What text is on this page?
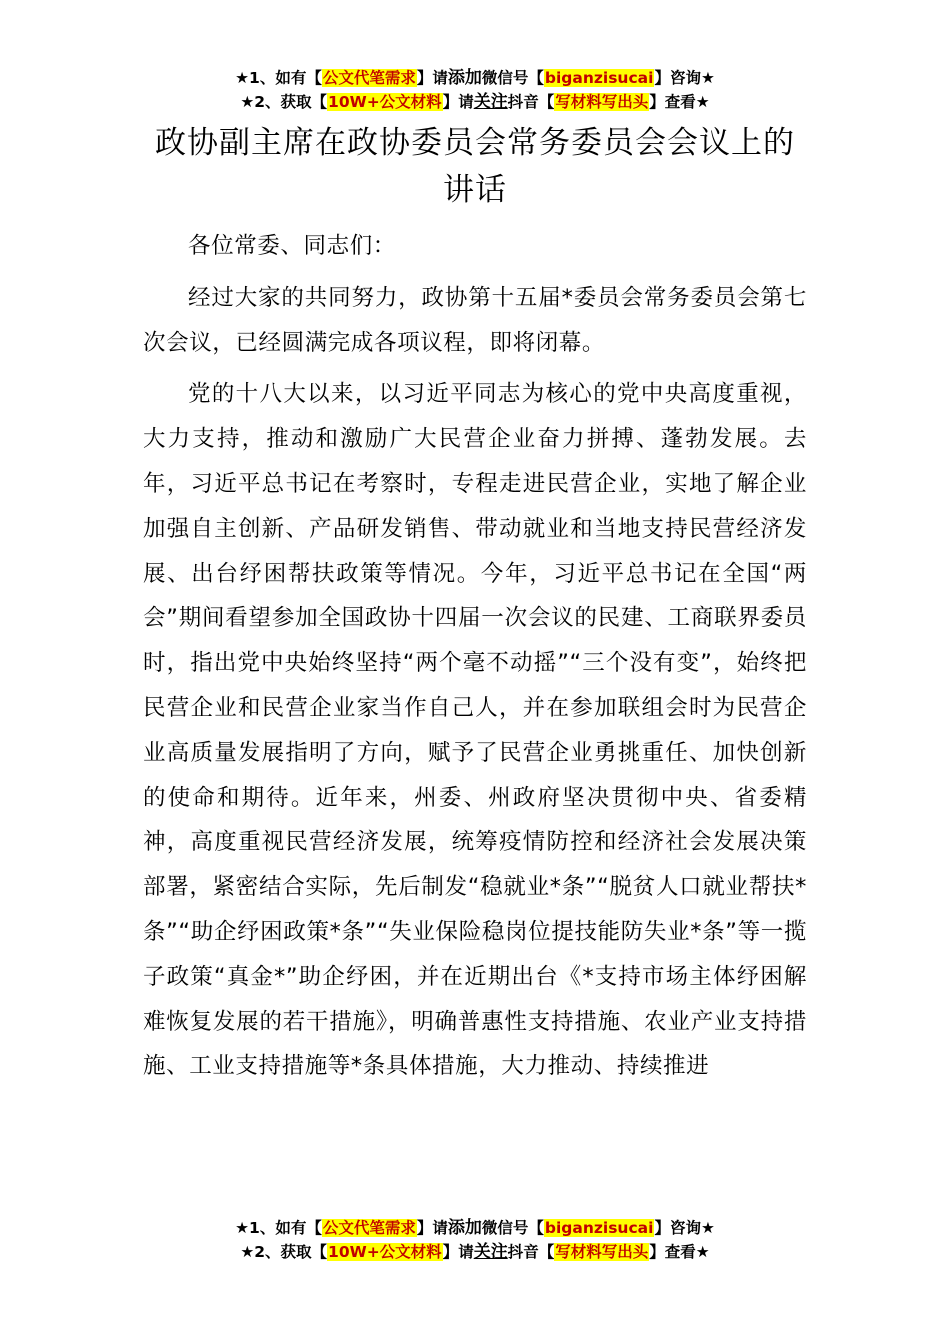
★1、如有【公文代笔需求】请添加微信号【biganzisucai】咨询★
★2、获取【10W+公文材料】请关注抖音【写材料写出头】查看★
政协副主席在政协委员会常务委员会会议上的讲话

各位常委、同志们：

经过大家的共同努力，政协第十五届*委员会常务委员会第七次会议，已经圆满完成各项议程，即将闭幕。

党的十八大以来，以习近平同志为核心的党中央高度重视，大力支持，推动和激励广大民营企业奋力拼搏、蓬勃发展。去年，习近平总书记在考察时，专程走进民营企业，实地了解企业加强自主创新、产品研发销售、带动就业和当地支持民营经济发展、出台纾困帮扶政策等情况。今年，习近平总书记在全国“两会”期间看望参加全国政协十四届一次会议的民建、工商联界委员时，指出党中央始终坚持“两个毫不动摇”“三个没有变”，始终把民营企业和民营企业家当作自己人，并在参加联组会时为民营企业高质量发展指明了方向，赋予了民营企业勇挑重任、加快创新的使命和期待。近年来，州委、州政府坚决贯彻中央、省委精神，高度重视民营经济发展，统筹疫情防控和经济社会发展决策部署，紧密结合实际，先后制发“稳就业*条”“脱贫人口就业帮扶*条”“助企纾困政策*条”“失业保险稳岗位提技能防失业*条”等一揽子政策“真金*”助企纾困，并在近期出台《*支持市场主体纾困解难恢复发展的若干措施》，明确普惠性支持措施、农业产业支持措施、工业支持措施等*条具体措施，大力推动、持续推进

★1、如有【公文代笔需求】请添加微信号【biganzisucai】咨询★
★2、获取【10W+公文材料】请关注抖音【写材料写出头】查看★
